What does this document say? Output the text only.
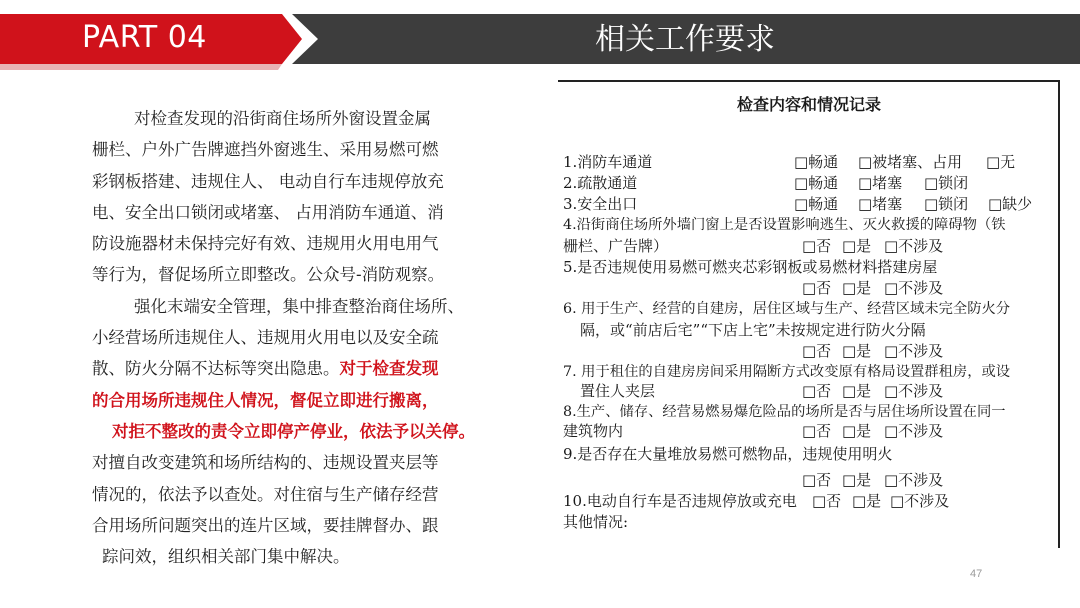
PART 04	相关工作要求
对检查发现的沿街商住场所外窗设置金属
栅栏、户外广告牌遮挡外窗逃生、采用易燃可燃
彩钢板搭建、违规住人、 电动自行车违规停放充
电、安全出口锁闭或堵塞、 占用消防车通道、消
防设施器材未保持完好有效、违规用火用电用气
等行为，督促场所立即整改。公众号-消防观察。
强化末端安全管理，集中排查整治商住场所、
小经营场所违规住人、违规用火用电以及安全疏
散、防火分隔不达标等突出隐患。对于检查发现
的合用场所违规住人情况，督促立即进行搬离，
对拒不整改的责令立即停产停业，依法予以关停。
对擅自改变建筑和场所结构的、违规设置夹层等
情况的，依法予以查处。对住宿与生产储存经营
合用场所问题突出的连片区域，要挂牌督办、跟
踪问效，组织相关部门集中解决。
检查内容和情况记录
1.消防车通道	□畅通 □被堵塞、占用 □无
2.疏散通道	□畅通 □堵塞 □锁闭
3.安全出口	□畅通 □堵塞 □锁闭 □缺少
4.沿街商住场所外墙门窗上是否设置影响逃生、灭火救援的障碍物（铁
栅栏、广告牌）	□否 □是 □不涉及
5.是否违规使用易燃可燃夹芯彩钢板或易燃材料搭建房屋
□否 □是 □不涉及
6. 用于生产、经营的自建房，居住区域与生产、经营区域未完全防火分
隔，或“前店后宅”“下店上宅”未按规定进行防火分隔
□否 □是 □不涉及
7. 用于租住的自建房房间采用隔断方式改变原有格局设置群租房，或设
置住人夹层	□否 □是 □不涉及
8.生产、储存、经营易燃易爆危险品的场所是否与居住场所设置在同一
建筑物内	□否 □是 □不涉及
9.是否存在大量堆放易燃可燃物品，违规使用明火
□否 □是 □不涉及
10.电动自行车是否违规停放或充电 □否 □是 □不涉及
其他情况:
47
